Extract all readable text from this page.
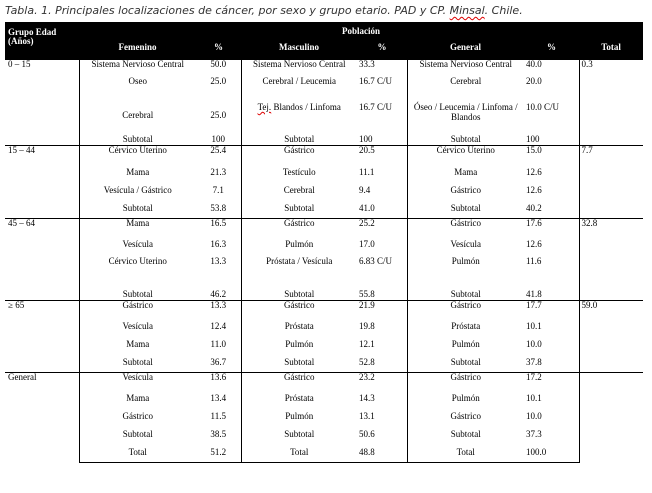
Tabla. 1. Principales localizaciones de cáncer, por sexo y grupo etario. PAD y CP. Minsal. Chile.
Grupo Edad (Años)	Población						
	Femenino	%	Masculino	%	General	%	Total
0 – 15	Sistema Nervioso Central	50.0	Sistema Nervioso Central	33.3	Sistema Nervioso Central	40.0	0.3
	Oseo	25.0	Cerebral / Leucemia	16.7 C/U	Cerebral	20.0	
	Cerebral	25.0	Tej. Blandos / Linfoma	16.7 C/U	Óseo / Leucemia / Linfoma / Blandos	10.0 C/U	
	Subtotal	100	Subtotal	100	Subtotal	100	
15 – 44	Cérvico Uterino	25.4	Gástrico	20.5	Cérvico Uterino	15.0	7.7
	Mama	21.3	Testículo	11.1	Mama	12.6	
	Vesícula / Gástrico	7.1	Cerebral	9.4	Gástrico	12.6	
	Subtotal	53.8	Subtotal	41.0	Subtotal	40.2	
45 – 64	Mama	16.5	Gástrico	25.2	Gástrico	17.6	32.8
	Vesícula	16.3	Pulmón	17.0	Vesícula	12.6	
	Cérvico Uterino	13.3	Próstata / Vesícula	6.83 C/U	Pulmón	11.6	
	Subtotal	46.2	Subtotal	55.8	Subtotal	41.8	
≥ 65	Gástrico	13.3	Gástrico	21.9	Gástrico	17.7	59.0
	Vesícula	12.4	Próstata	19.8	Próstata	10.1	
	Mama	11.0	Pulmón	12.1	Pulmón	10.0	
	Subtotal	36.7	Subtotal	52.8	Subtotal	37.8	
General	Vesícula	13.6	Gástrico	23.2	Gástrico	17.2	
	Mama	13.4	Próstata	14.3	Pulmón	10.1	
	Gástrico	11.5	Pulmón	13.1	Gástrico	10.0	
	Subtotal	38.5	Subtotal	50.6	Subtotal	37.3	
	Total	51.2	Total	48.8	Total	100.0	
